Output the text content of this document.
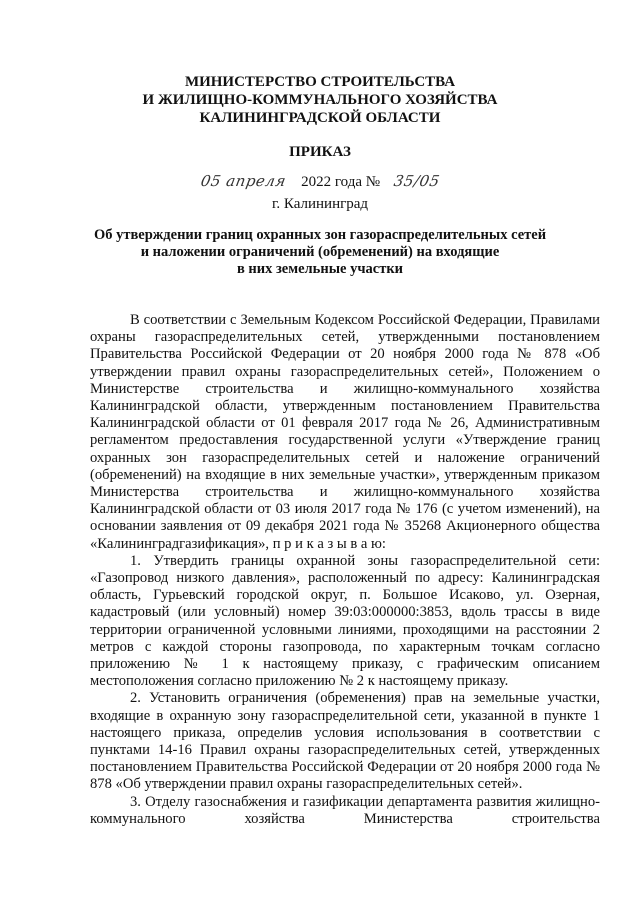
МИНИСТЕРСТВО СТРОИТЕЛЬСТВА
И ЖИЛИЩНО-КОММУНАЛЬНОГО ХОЗЯЙСТВА
КАЛИНИНГРАДСКОЙ ОБЛАСТИ
ПРИКАЗ
05 апреля 2022 года № 35/05
г. Калининград
Об утверждении границ охранных зон газораспределительных сетей
и наложении ограничений (обременений) на входящие
в них земельные участки

В соответствии с Земельным Кодексом Российской Федерации, Правилами охраны газораспределительных сетей, утвержденными постановлением Правительства Российской Федерации от 20 ноября 2000 года № 878 «Об утверждении правил охраны газораспределительных сетей», Положением о Министерстве строительства и жилищно-коммунального хозяйства Калининградской области, утвержденным постановлением Правительства Калининградской области от 01 февраля 2017 года № 26, Административным регламентом предоставления государственной услуги «Утверждение границ охранных зон газораспределительных сетей и наложение ограничений (обременений) на входящие в них земельные участки», утвержденным приказом Министерства строительства и жилищно-коммунального хозяйства Калининградской области от 03 июля 2017 года № 176 (с учетом изменений), на основании заявления от 09 декабря 2021 года № 35268 Акционерного общества «Калининградгазификация», п р и к а з ы в а ю:

1. Утвердить границы охранной зоны газораспределительной сети: «Газопровод низкого давления», расположенный по адресу: Калининградская область, Гурьевский городской округ, п. Большое Исаково, ул. Озерная, кадастровый (или условный) номер 39:03:000000:3853, вдоль трассы в виде территории ограниченной условными линиями, проходящими на расстоянии 2 метров с каждой стороны газопровода, по характерным точкам согласно приложению № 1 к настоящему приказу, с графическим описанием местоположения согласно приложению № 2 к настоящему приказу.

2. Установить ограничения (обременения) прав на земельные участки, входящие в охранную зону газораспределительной сети, указанной в пункте 1 настоящего приказа, определив условия использования в соответствии с пунктами 14-16 Правил охраны газораспределительных сетей, утвержденных постановлением Правительства Российской Федерации от 20 ноября 2000 года № 878 «Об утверждении правил охраны газораспределительных сетей».

3. Отделу газоснабжения и газификации департамента развития жилищно-коммунального хозяйства Министерства строительства
